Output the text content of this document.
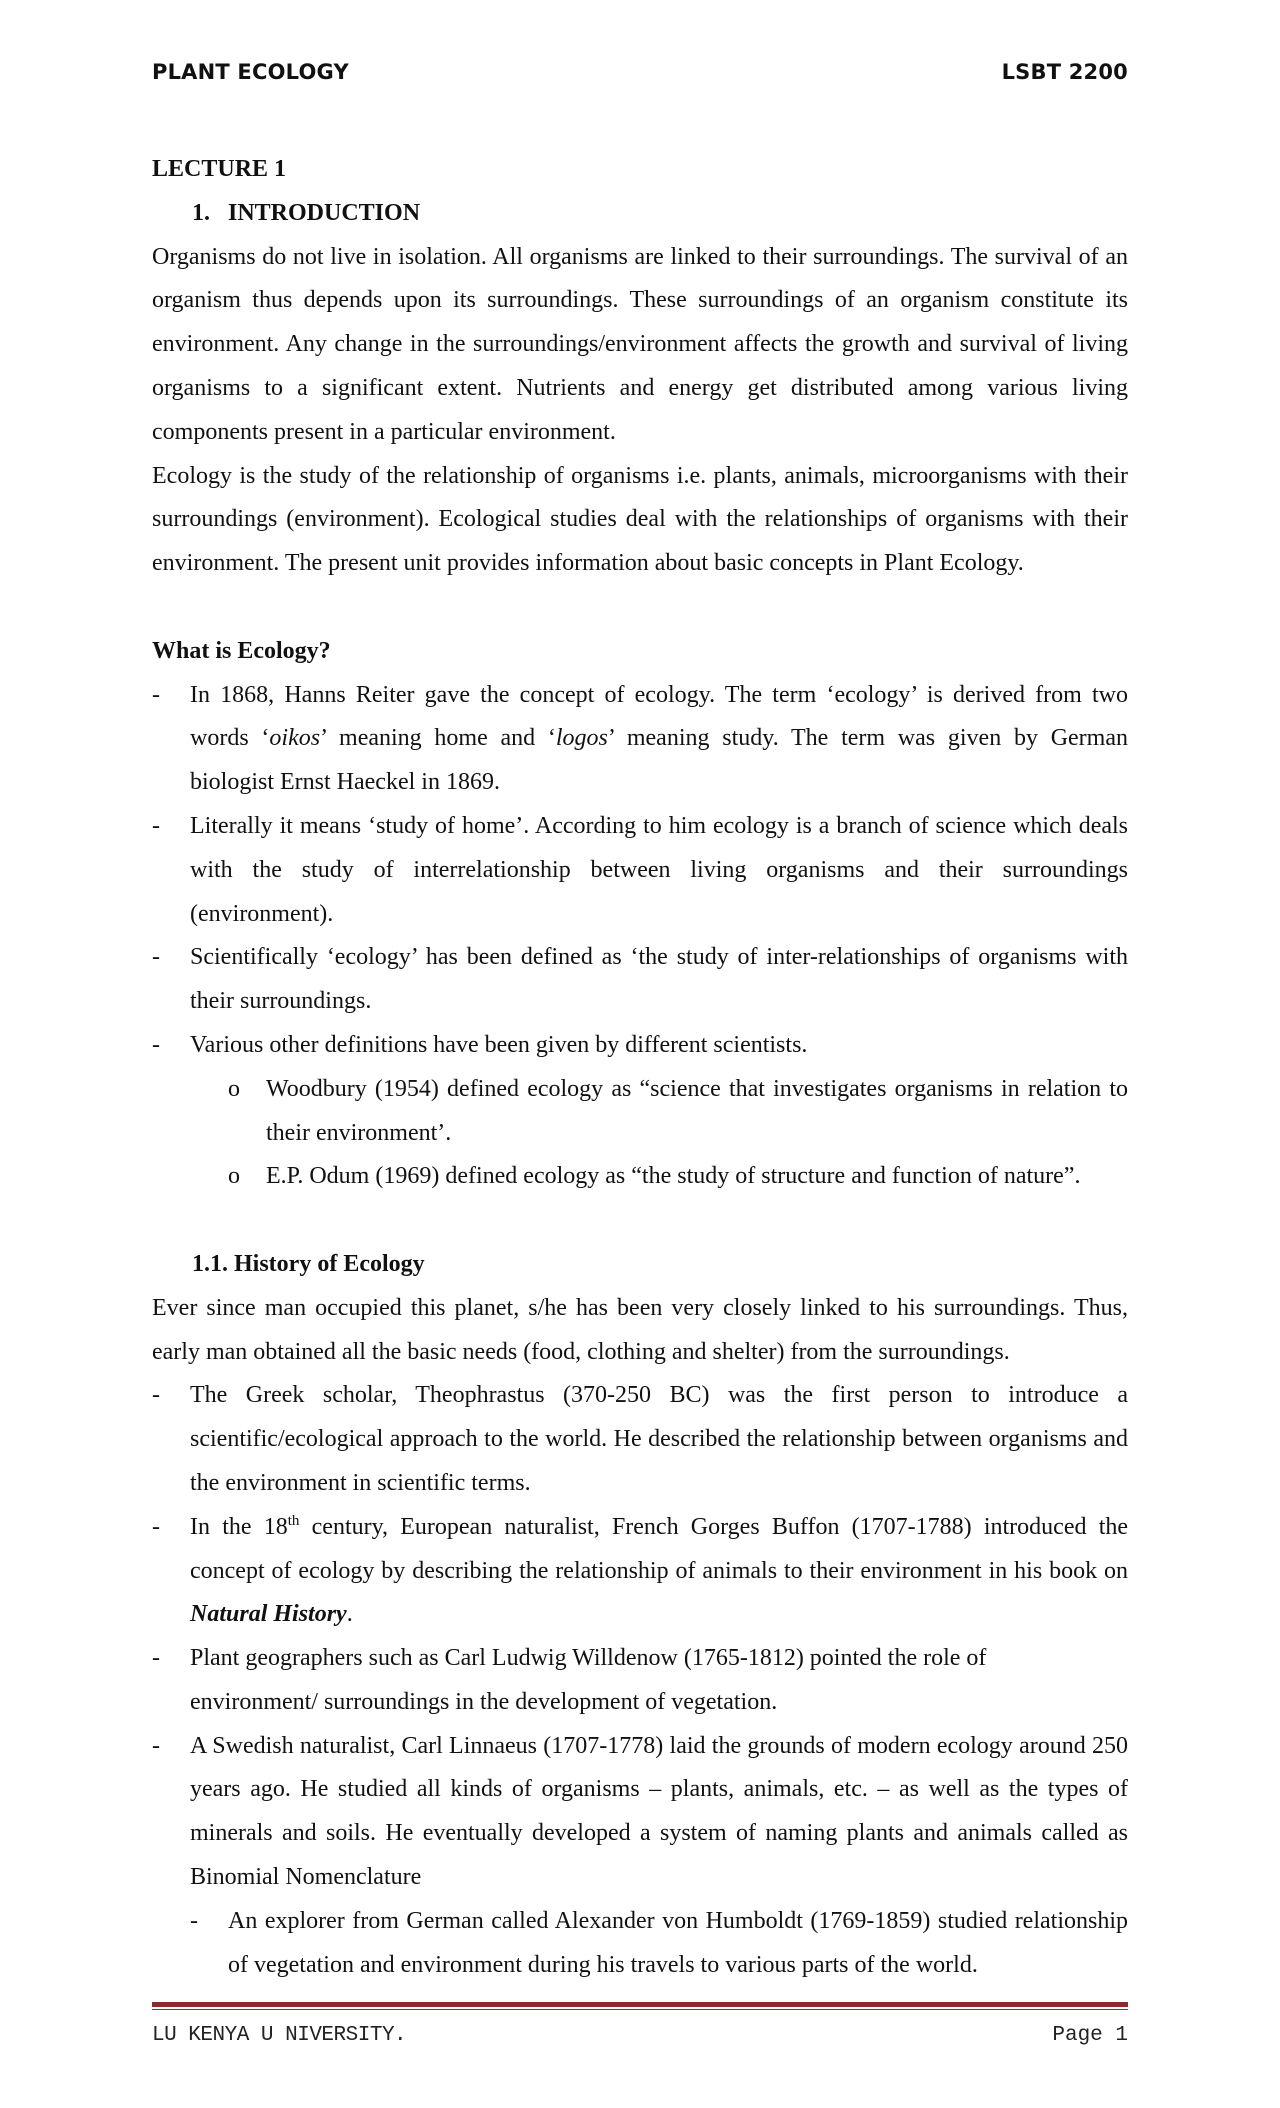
PLANT ECOLOGY	LSBT 2200
LECTURE 1
1. INTRODUCTION

Organisms do not live in isolation. All organisms are linked to their surroundings. The survival of an organism thus depends upon its surroundings. These surroundings of an organism constitute its environment. Any change in the surroundings/environment affects the growth and survival of living organisms to a significant extent. Nutrients and energy get distributed among various living components present in a particular environment.

Ecology is the study of the relationship of organisms i.e. plants, animals, microorganisms with their surroundings (environment). Ecological studies deal with the relationships of organisms with their environment. The present unit provides information about basic concepts in Plant Ecology.

What is Ecology?
-	In 1868, Hanns Reiter gave the concept of ecology. The term ‘ecology’ is derived from two words ‘oikos’ meaning home and ‘logos’ meaning study. The term was given by German biologist Ernst Haeckel in 1869.
-	Literally it means ‘study of home’. According to him ecology is a branch of science which deals with the study of interrelationship between living organisms and their surroundings (environment).
-	Scientifically ‘ecology’ has been defined as ‘the study of inter-relationships of organisms with their surroundings.
-	Various other definitions have been given by different scientists.
o Woodbury (1954) defined ecology as “science that investigates organisms in relation to their environment’.
o E.P. Odum (1969) defined ecology as “the study of structure and function of nature”.
1.1. History of Ecology

Ever since man occupied this planet, s/he has been very closely linked to his surroundings. Thus, early man obtained all the basic needs (food, clothing and shelter) from the surroundings.

-	The Greek scholar, Theophrastus (370-250 BC) was the first person to introduce a scientific/ecological approach to the world. He described the relationship between organisms and the environment in scientific terms.
-	In the 18th century, European naturalist, French Gorges Buffon (1707-1788) introduced the concept of ecology by describing the relationship of animals to their environment in his book on Natural History.
-	Plant geographers such as Carl Ludwig Willdenow (1765-1812) pointed the role of
environment/ surroundings in the development of vegetation.
-	A Swedish naturalist, Carl Linnaeus (1707-1778) laid the grounds of modern ecology around 250 years ago. He studied all kinds of organisms – plants, animals, etc. – as well as the types of minerals and soils. He eventually developed a system of naming plants and animals called as Binomial Nomenclature
-	An explorer from German called Alexander von Humboldt (1769-1859) studied relationship of vegetation and environment during his travels to various parts of the world.
LU KENYA U NIVERSITY.	Page 1
